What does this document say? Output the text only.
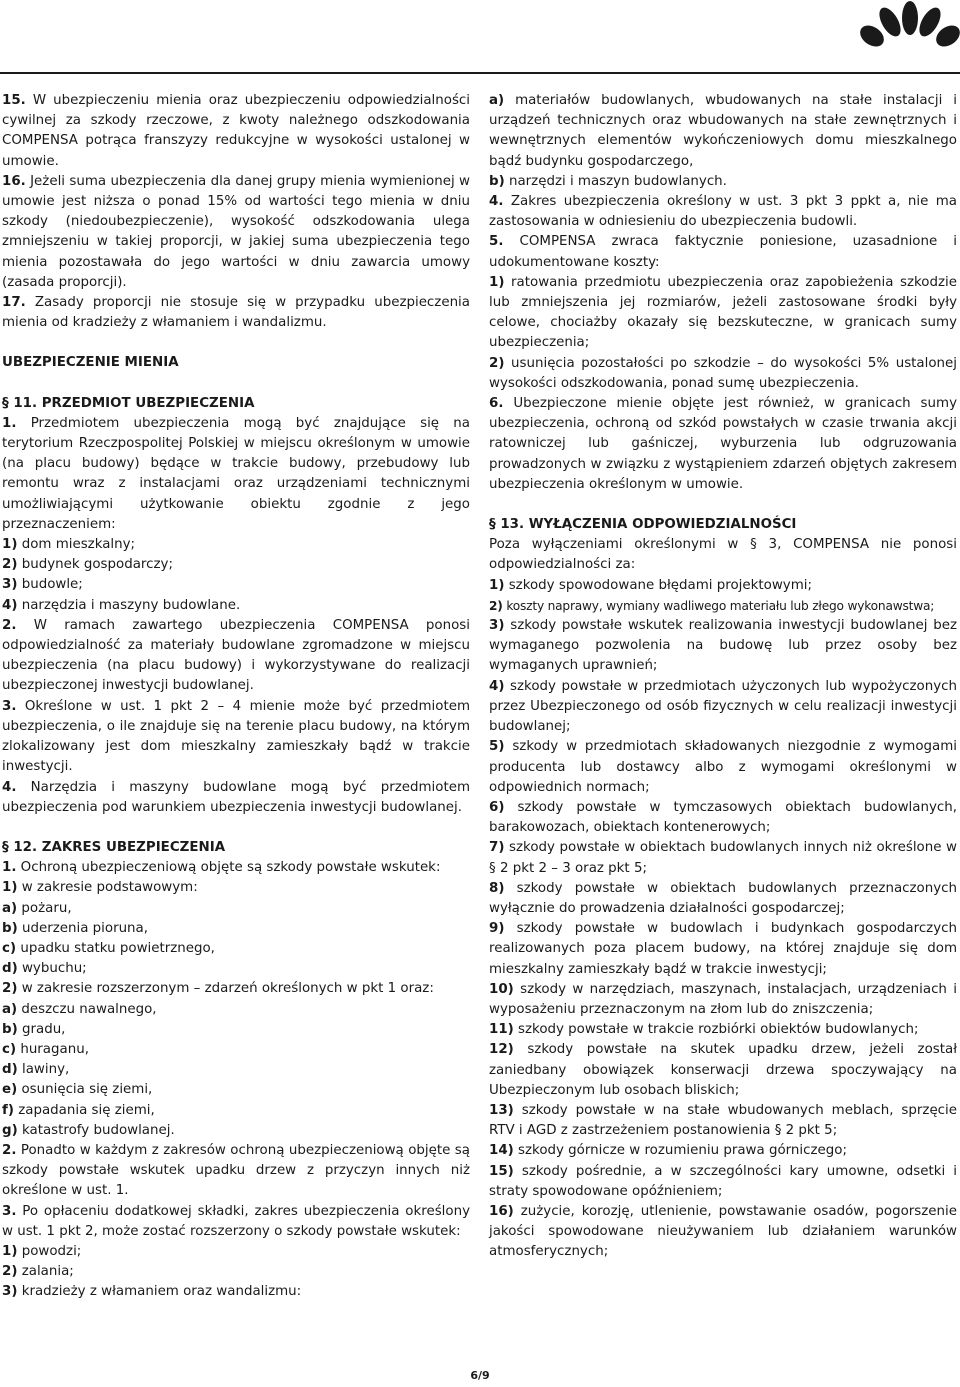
15. W ubezpieczeniu mienia oraz ubezpieczeniu odpowiedzialności cywilnej za szkody rzeczowe, z kwoty należnego odszkodowania COMPENSA potrąca franszyzy redukcyjne w wysokości ustalonej w umowie.

16. Jeżeli suma ubezpieczenia dla danej grupy mienia wymienionej w umowie jest niższa o ponad 15% od wartości tego mienia w dniu szkody (niedoubezpieczenie), wysokość odszkodowania ulega zmniejszeniu w takiej proporcji, w jakiej suma ubezpieczenia tego mienia pozostawała do jego wartości w dniu zawarcia umowy (zasada proporcji).

17. Zasady proporcji nie stosuje się w przypadku ubezpieczenia mienia od kradzieży z włamaniem i wandalizmu.

UBEZPIECZENIE MIENIA

§ 11. PRZEDMIOT UBEZPIECZENIA

1. Przedmiotem ubezpieczenia mogą być znajdujące się na terytorium Rzeczpospolitej Polskiej w miejscu określonym w umowie (na placu budowy) będące w trakcie budowy, przebudowy lub remontu wraz z instalacjami oraz urządzeniami technicznymi umożliwiającymi użytkowanie obiektu zgodnie z jego przeznaczeniem:

1) dom mieszkalny;

2) budynek gospodarczy;

3) budowle;

4) narzędzia i maszyny budowlane.

2. W ramach zawartego ubezpieczenia COMPENSA ponosi odpowiedzialność za materiały budowlane zgromadzone w miejscu ubezpieczenia (na placu budowy) i wykorzystywane do realizacji ubezpieczonej inwestycji budowlanej.

3. Określone w ust. 1 pkt 2 – 4 mienie może być przedmiotem ubezpieczenia, o ile znajduje się na terenie placu budowy, na którym zlokalizowany jest dom mieszkalny zamieszkały bądź w trakcie inwestycji.

4. Narzędzia i maszyny budowlane mogą być przedmiotem ubezpieczenia pod warunkiem ubezpieczenia inwestycji budowlanej.

§ 12. ZAKRES UBEZPIECZENIA

1. Ochroną ubezpieczeniową objęte są szkody powstałe wskutek:

1) w zakresie podstawowym:

a) pożaru,

b) uderzenia pioruna,

c) upadku statku powietrznego,

d) wybuchu;

2) w zakresie rozszerzonym – zdarzeń określonych w pkt 1 oraz:

a) deszczu nawalnego,

b) gradu,

c) huraganu,

d) lawiny,

e) osunięcia się ziemi,

f) zapadania się ziemi,

g) katastrofy budowlanej.

2. Ponadto w każdym z zakresów ochroną ubezpieczeniową objęte są szkody powstałe wskutek upadku drzew z przyczyn innych niż określone w ust. 1.

3. Po opłaceniu dodatkowej składki, zakres ubezpieczenia określony w ust. 1 pkt 2, może zostać rozszerzony o szkody powstałe wskutek:

1) powodzi;

2) zalania;

3) kradzieży z włamaniem oraz wandalizmu:

a) materiałów budowlanych, wbudowanych na stałe instalacji i urządzeń technicznych oraz wbudowanych na stałe zewnętrznych i wewnętrznych elementów wykończeniowych domu mieszkalnego bądź budynku gospodarczego,

b) narzędzi i maszyn budowlanych.

4. Zakres ubezpieczenia określony w ust. 3 pkt 3 ppkt a, nie ma zastosowania w odniesieniu do ubezpieczenia budowli.

5. COMPENSA zwraca faktycznie poniesione, uzasadnione i udokumentowane koszty:

1) ratowania przedmiotu ubezpieczenia oraz zapobieżenia szkodzie lub zmniejszenia jej rozmiarów, jeżeli zastosowane środki były celowe, chociażby okazały się bezskuteczne, w granicach sumy ubezpieczenia;

2) usunięcia pozostałości po szkodzie – do wysokości 5% ustalonej wysokości odszkodowania, ponad sumę ubezpieczenia.

6. Ubezpieczone mienie objęte jest również, w granicach sumy ubezpieczenia, ochroną od szkód powstałych w czasie trwania akcji ratowniczej lub gaśniczej, wyburzenia lub odgruzowania prowadzonych w związku z wystąpieniem zdarzeń objętych zakresem ubezpieczenia określonym w umowie.

§ 13. WYŁĄCZENIA ODPOWIEDZIALNOŚCI

Poza wyłączeniami określonymi w § 3, COMPENSA nie ponosi odpowiedzialności za:

1) szkody spowodowane błędami projektowymi;

2) koszty naprawy, wymiany wadliwego materiału lub złego wykonawstwa;

3) szkody powstałe wskutek realizowania inwestycji budowlanej bez wymaganego pozwolenia na budowę lub przez osoby bez wymaganych uprawnień;

4) szkody powstałe w przedmiotach użyczonych lub wypożyczonych przez Ubezpieczonego od osób fizycznych w celu realizacji inwestycji budowlanej;

5) szkody w przedmiotach składowanych niezgodnie z wymogami producenta lub dostawcy albo z wymogami określonymi w odpowiednich normach;

6) szkody powstałe w tymczasowych obiektach budowlanych, barakowozach, obiektach kontenerowych;

7) szkody powstałe w obiektach budowlanych innych niż określone w § 2 pkt 2 – 3 oraz pkt 5;

8) szkody powstałe w obiektach budowlanych przeznaczonych wyłącznie do prowadzenia działalności gospodarczej;

9) szkody powstałe w budowlach i budynkach gospodarczych realizowanych poza placem budowy, na której znajduje się dom mieszkalny zamieszkały bądź w trakcie inwestycji;

10) szkody w narzędziach, maszynach, instalacjach, urządzeniach i wyposażeniu przeznaczonym na złom lub do zniszczenia;

11) szkody powstałe w trakcie rozbiórki obiektów budowlanych;

12) szkody powstałe na skutek upadku drzew, jeżeli został zaniedbany obowiązek konserwacji drzewa spoczywający na Ubezpieczonym lub osobach bliskich;

13) szkody powstałe w na stałe wbudowanych meblach, sprzęcie RTV i AGD z zastrzeżeniem postanowienia § 2 pkt 5;

14) szkody górnicze w rozumieniu prawa górniczego;

15) szkody pośrednie, a w szczególności kary umowne, odsetki i straty spowodowane opóźnieniem;

16) zużycie, korozję, utlenienie, powstawanie osadów, pogorszenie jakości spowodowane nieużywaniem lub działaniem warunków atmosferycznych;

6/9
